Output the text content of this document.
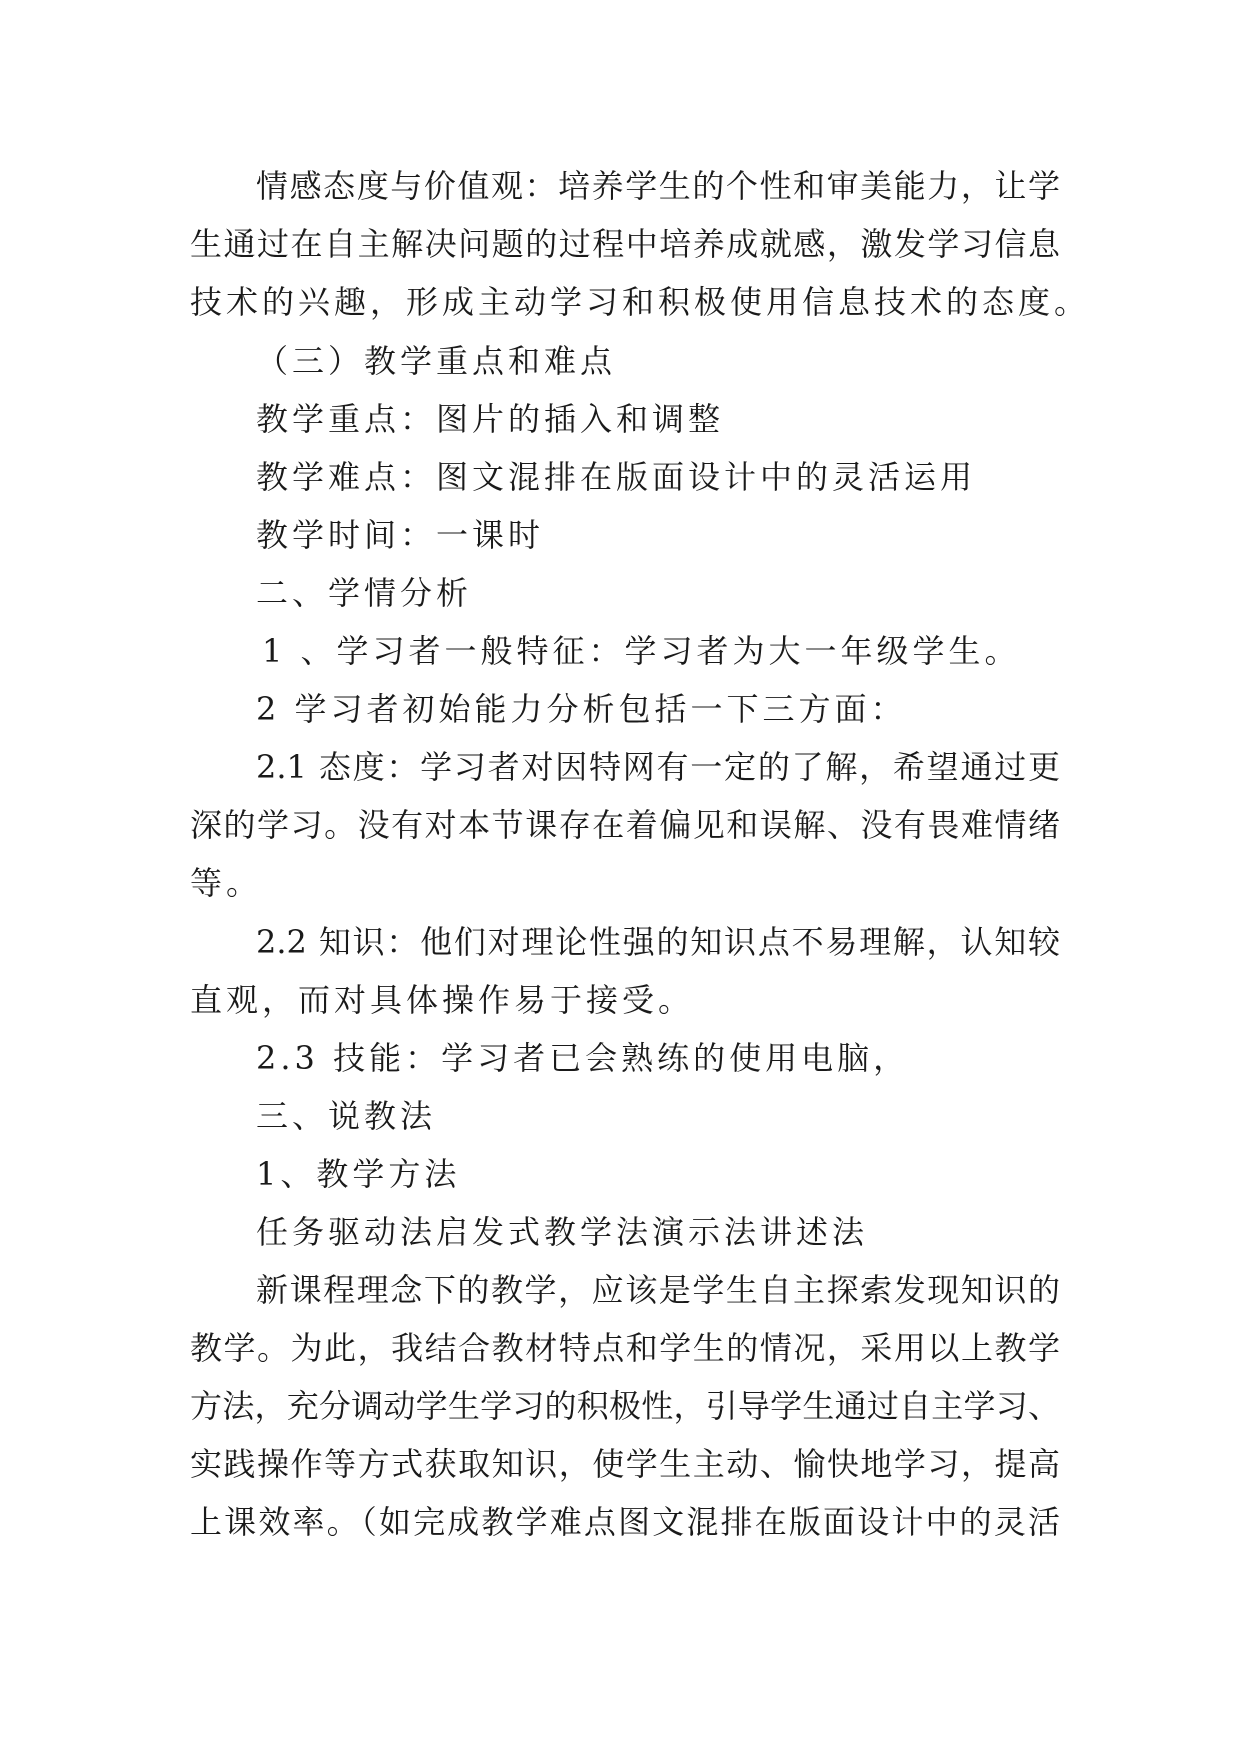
情感态度与价值观：培养学生的个性和审美能力，让学
生通过在自主解决问题的过程中培养成就感，激发学习信息
技术的兴趣，形成主动学习和积极使用信息技术的态度。
（三）教学重点和难点
教学重点：图片的插入和调整
教学难点：图文混排在版面设计中的灵活运用
教学时间：一课时
二、学情分析
1 、学习者一般特征：学习者为大一年级学生。
2 学习者初始能力分析包括一下三方面：
2.1 态度：学习者对因特网有一定的了解，希望通过更
深的学习。没有对本节课存在着偏见和误解、没有畏难情绪
等。
2.2 知识：他们对理论性强的知识点不易理解，认知较
直观，而对具体操作易于接受。
2.3 技能：学习者已会熟练的使用电脑，
三、说教法
1、教学方法
任务驱动法启发式教学法演示法讲述法
新课程理念下的教学，应该是学生自主探索发现知识的
教学。为此，我结合教材特点和学生的情况，采用以上教学
方法，充分调动学生学习的积极性，引导学生通过自主学习、
实践操作等方式获取知识，使学生主动、愉快地学习，提高
上课效率。（如完成教学难点图文混排在版面设计中的灵活
